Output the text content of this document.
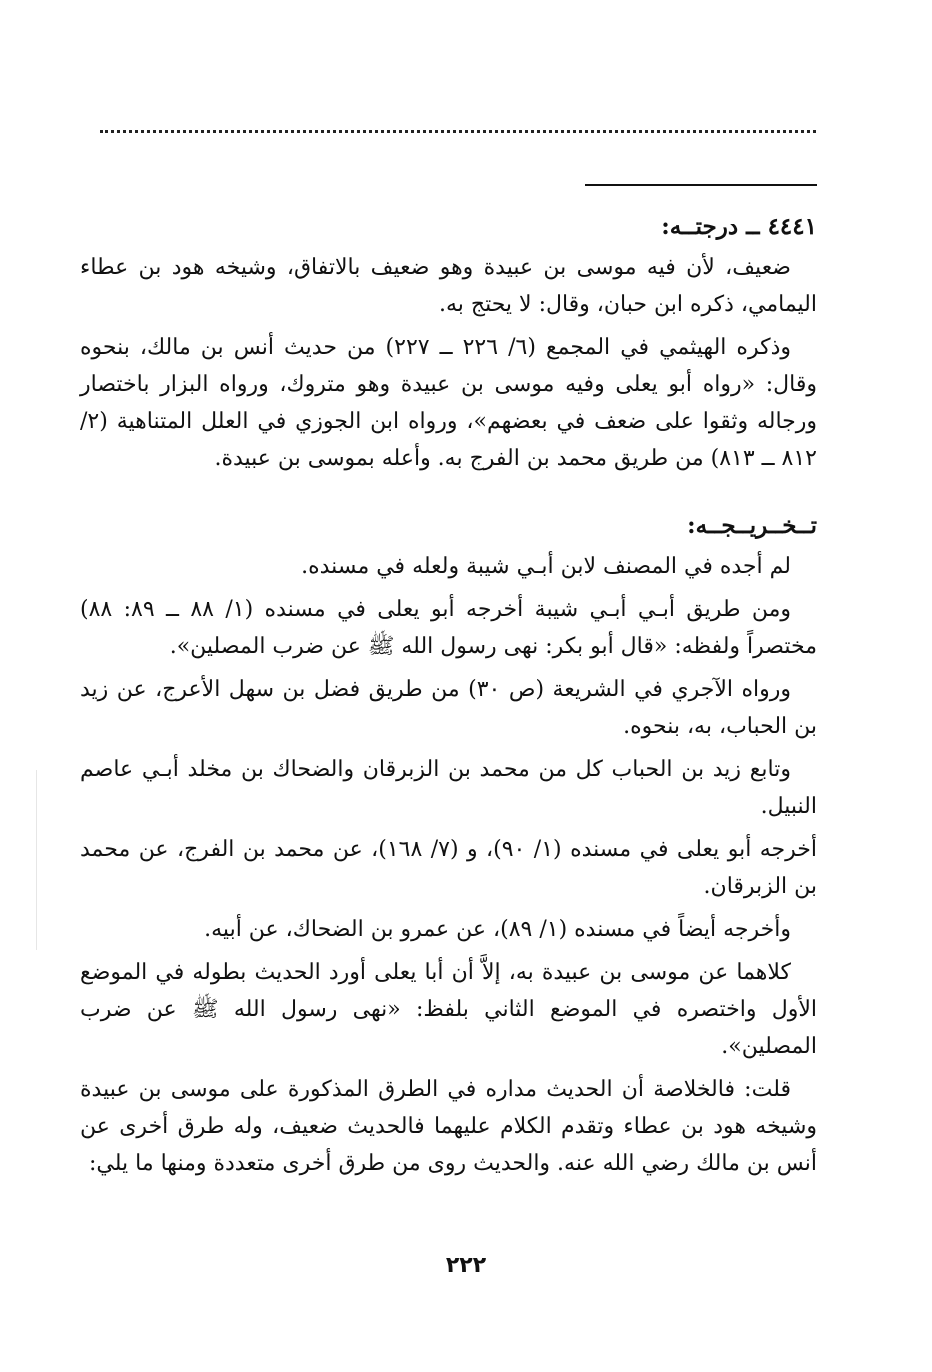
٤٤٤١ ــ درجتــه:

ضعيف، لأن فيه موسى بن عبيدة وهو ضعيف بالاتفاق، وشيخه هود بن عطاء اليمامي، ذكره ابن حبان، وقال: لا يحتج به.

وذكره الهيثمي في المجمع (٦/ ٢٢٦ ــ ٢٢٧) من حديث أنس بن مالك، بنحوه وقال: «رواه أبو يعلى وفيه موسى بن عبيدة وهو متروك، ورواه البزار باختصار ورجاله وثقوا على ضعف في بعضهم»، ورواه ابن الجوزي في العلل المتناهية (٢/ ٨١٢ ــ ٨١٣) من طريق محمد بن الفرج به. وأعله بموسى بن عبيدة.

تــخــريــجــه:

لم أجده في المصنف لابن أبـي شيبة ولعله في مسنده.

ومن طريق أبـي أبـي شيبة أخرجه أبو يعلى في مسنده (١/ ٨٨ ــ ٨٩: ٨٨) مختصراً ولفظه: «قال أبو بكر: نهى رسول الله ﷺ عن ضرب المصلين».

ورواه الآجري في الشريعة (ص ٣٠) من طريق فضل بن سهل الأعرج، عن زيد بن الحباب، به، بنحوه.

وتابع زيد بن الحباب كل من محمد بن الزبرقان والضحاك بن مخلد أبـي عاصم النبيل.

أخرجه أبو يعلى في مسنده (١/ ٩٠)، و (٧/ ١٦٨)، عن محمد بن الفرج، عن محمد بن الزبرقان.

وأخرجه أيضاً في مسنده (١/ ٨٩)، عن عمرو بن الضحاك، عن أبيه.

كلاهما عن موسى بن عبيدة به، إلاَّ أن أبا يعلى أورد الحديث بطوله في الموضع الأول واختصره في الموضع الثاني بلفظ: «نهى رسول الله ﷺ عن ضرب المصلين».

قلت: فالخلاصة أن الحديث مداره في الطرق المذكورة على موسى بن عبيدة وشيخه هود بن عطاء وتقدم الكلام عليهما فالحديث ضعيف، وله طرق أخرى عن أنس بن مالك رضي الله عنه. والحديث روى من طرق أخرى متعددة ومنها ما يلي:

٢٢٢
